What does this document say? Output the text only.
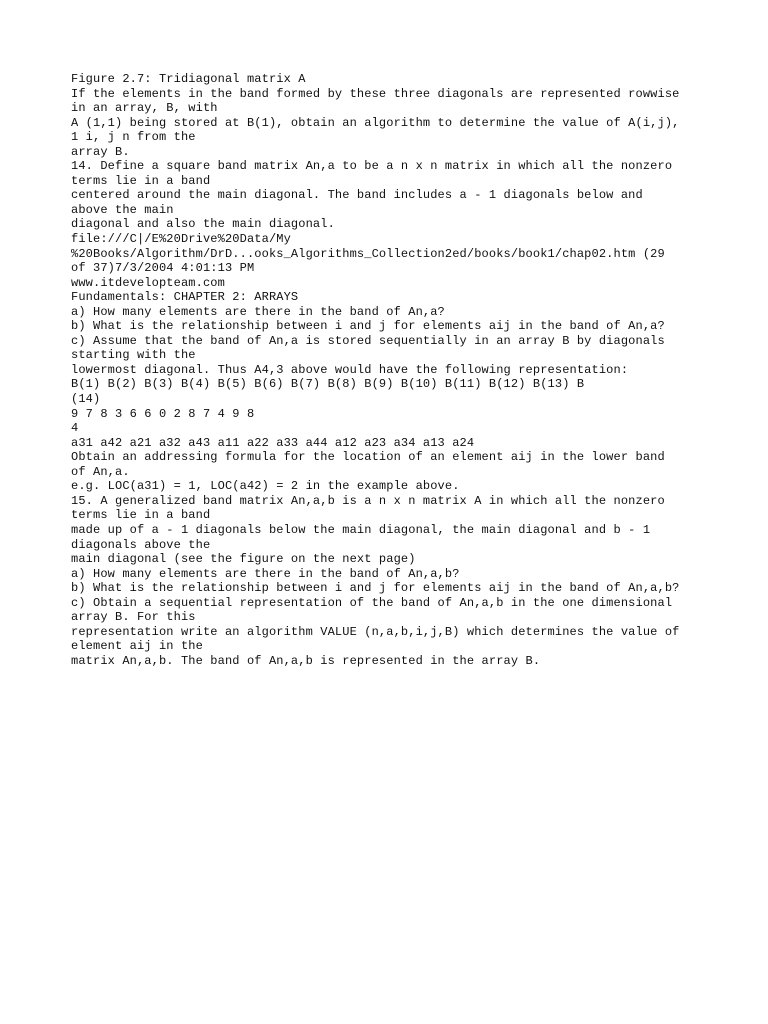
Figure 2.7: Tridiagonal matrix A
If the elements in the band formed by these three diagonals are represented rowwise
in an array, B, with
A (1,1) being stored at B(1), obtain an algorithm to determine the value of A(i,j),
1 i, j n from the
array B.
14. Define a square band matrix An,a to be a n x n matrix in which all the nonzero
terms lie in a band
centered around the main diagonal. The band includes a - 1 diagonals below and
above the main
diagonal and also the main diagonal.
file:///C|/E%20Drive%20Data/My
%20Books/Algorithm/DrD...ooks_Algorithms_Collection2ed/books/book1/chap02.htm (29
of 37)7/3/2004 4:01:13 PM
www.itdevelopteam.com
Fundamentals: CHAPTER 2: ARRAYS
a) How many elements are there in the band of An,a?
b) What is the relationship between i and j for elements aij in the band of An,a?
c) Assume that the band of An,a is stored sequentially in an array B by diagonals
starting with the
lowermost diagonal. Thus A4,3 above would have the following representation:
B(1) B(2) B(3) B(4) B(5) B(6) B(7) B(8) B(9) B(10) B(11) B(12) B(13) B
(14)
9 7 8 3 6 6 0 2 8 7 4 9 8
4
a31 a42 a21 a32 a43 a11 a22 a33 a44 a12 a23 a34 a13 a24
Obtain an addressing formula for the location of an element aij in the lower band
of An,a.
e.g. LOC(a31) = 1, LOC(a42) = 2 in the example above.
15. A generalized band matrix An,a,b is a n x n matrix A in which all the nonzero
terms lie in a band
made up of a - 1 diagonals below the main diagonal, the main diagonal and b - 1
diagonals above the
main diagonal (see the figure on the next page)
a) How many elements are there in the band of An,a,b?
b) What is the relationship between i and j for elements aij in the band of An,a,b?
c) Obtain a sequential representation of the band of An,a,b in the one dimensional
array B. For this
representation write an algorithm VALUE (n,a,b,i,j,B) which determines the value of
element aij in the
matrix An,a,b. The band of An,a,b is represented in the array B.
